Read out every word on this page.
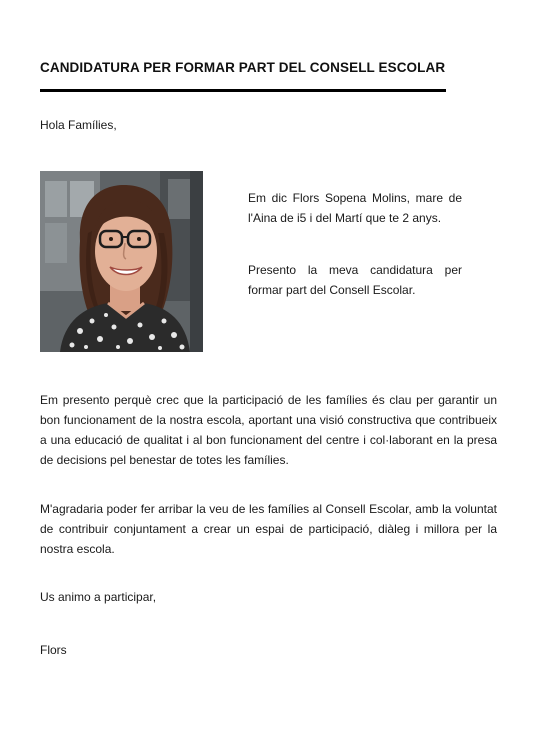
CANDIDATURA PER FORMAR PART DEL CONSELL ESCOLAR
Hola Famílies,
Em dic Flors Sopena Molins, mare de l'Aina de i5 i del Martí que te 2 anys.
Presento la meva candidatura per formar part del Consell Escolar.
Em presento perquè crec que la participació de les famílies és clau per garantir un bon funcionament de la nostra escola, aportant una visió constructiva que contribueix a una educació de qualitat i al bon funcionament del centre i col·laborant en la presa de decisions pel benestar de totes les famílies.
M'agradaria poder fer arribar la veu de les famílies al Consell Escolar, amb la voluntat de contribuir conjuntament a crear un espai de participació, diàleg i millora per la nostra escola.
Us animo a participar,
Flors
